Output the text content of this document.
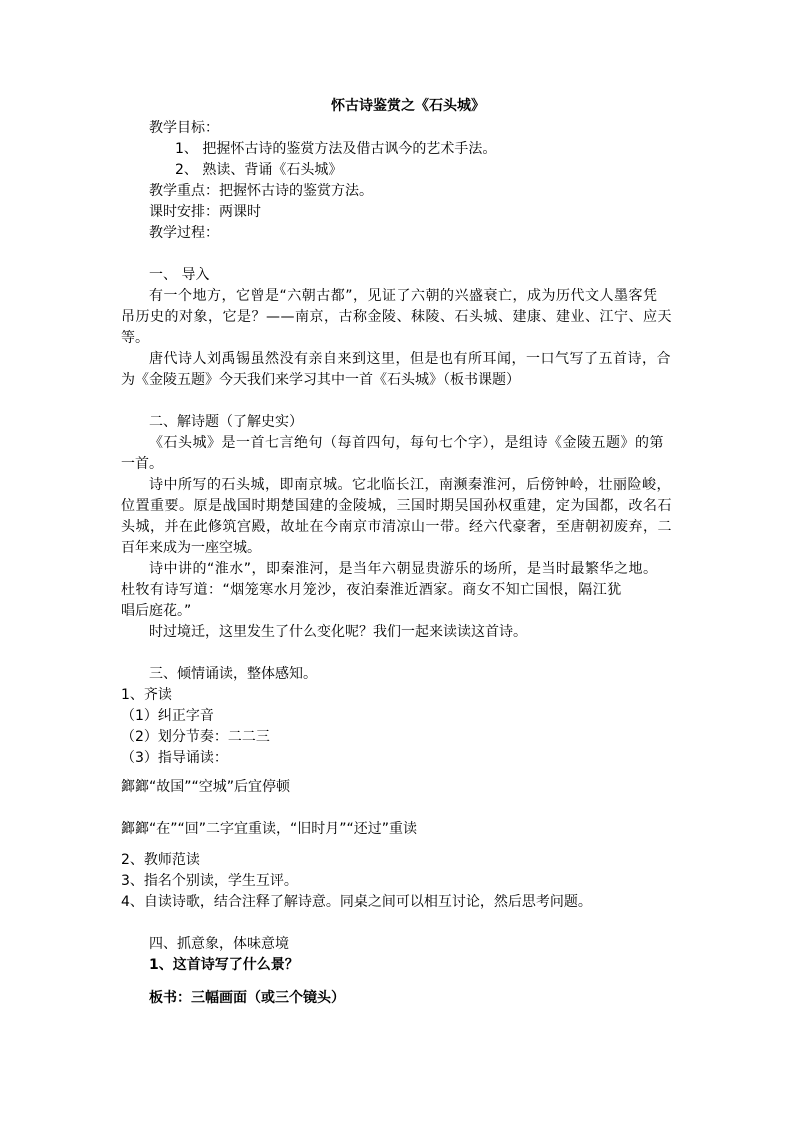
怀古诗鉴赏之《石头城》

教学目标：

1、 把握怀古诗的鉴赏方法及借古讽今的艺术手法。

2、 熟读、背诵《石头城》

教学重点：把握怀古诗的鉴赏方法。

课时安排：两课时

教学过程：

一、 导入

有一个地方，它曾是“六朝古都”，见证了六朝的兴盛衰亡，成为历代文人墨客凭

吊历史的对象，它是？——南京，古称金陵、秣陵、石头城、建康、建业、江宁、应天

等。

唐代诗人刘禹锡虽然没有亲自来到这里，但是也有所耳闻，一口气写了五首诗，合

为《金陵五题》今天我们来学习其中一首《石头城》（板书课题）

二、解诗题（了解史实）

《石头城》是一首七言绝句（每首四句，每句七个字），是组诗《金陵五题》的第

一首。

诗中所写的石头城，即南京城。它北临长江，南濒秦淮河，后傍钟岭，壮丽险峻，

位置重要。原是战国时期楚国建的金陵城，三国时期吴国孙权重建，定为国都，改名石

头城，并在此修筑宫殿，故址在今南京市清凉山一带。经六代豪奢，至唐朝初废弃，二

百年来成为一座空城。

诗中讲的“淮水”，即秦淮河，是当年六朝显贵游乐的场所，是当时最繁华之地。

杜牧有诗写道：“烟笼寒水月笼沙，夜泊秦淮近酒家。商女不知亡国恨，隔江犹

唱后庭花。”

时过境迁，这里发生了什么变化呢？我们一起来读读这首诗。

三、倾情诵读，整体感知。

1、齐读

（1）纠正字音

（2）划分节奏：二二三

（3）指导诵读：

鎯鎯“故国”“空城”后宜停顿

鎯鎯“在”“回”二字宜重读，“旧时月”“还过”重读

2、教师范读

3、指名个别读，学生互评。

4、自读诗歌，结合注释了解诗意。同桌之间可以相互讨论，然后思考问题。

四、抓意象，体味意境

1、这首诗写了什么景？

板书：三幅画面（或三个镜头）
